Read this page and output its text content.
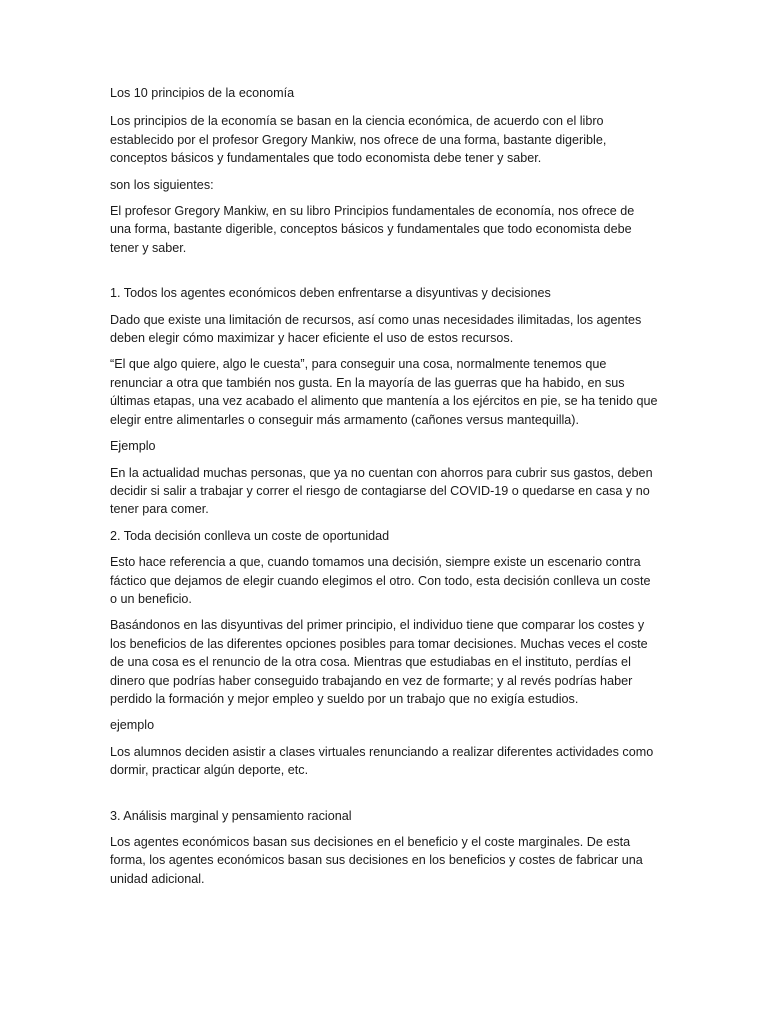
Los 10 principios de la economía

Los principios de la economía se basan en la ciencia económica, de acuerdo con el libro establecido por el profesor Gregory Mankiw, nos ofrece de una forma, bastante digerible, conceptos básicos y fundamentales que todo economista debe tener y saber.

son los siguientes:

El profesor Gregory Mankiw, en su libro Principios fundamentales de economía, nos ofrece de una forma, bastante digerible, conceptos básicos y fundamentales que todo economista debe tener y saber.

1. Todos los agentes económicos deben enfrentarse a disyuntivas y decisiones

Dado que existe una limitación de recursos, así como unas necesidades ilimitadas, los agentes deben elegir cómo maximizar y hacer eficiente el uso de estos recursos.

“El que algo quiere, algo le cuesta”, para conseguir una cosa, normalmente tenemos que renunciar a otra que también nos gusta. En la mayoría de las guerras que ha habido, en sus últimas etapas, una vez acabado el alimento que mantenía a los ejércitos en pie, se ha tenido que elegir entre alimentarles o conseguir más armamento (cañones versus mantequilla).

Ejemplo

En la actualidad muchas personas, que ya no cuentan con ahorros para cubrir sus gastos, deben decidir si salir a trabajar y correr el riesgo de contagiarse del COVID-19 o quedarse en casa y no tener para comer.

2. Toda decisión conlleva un coste de oportunidad

Esto hace referencia a que, cuando tomamos una decisión, siempre existe un escenario contra fáctico que dejamos de elegir cuando elegimos el otro. Con todo, esta decisión conlleva un coste o un beneficio.

Basándonos en las disyuntivas del primer principio, el individuo tiene que comparar los costes y los beneficios de las diferentes opciones posibles para tomar decisiones. Muchas veces el coste de una cosa es el renuncio de la otra cosa. Mientras que estudiabas en el instituto, perdías el dinero que podrías haber conseguido trabajando en vez de formarte; y al revés podrías haber perdido la formación y mejor empleo y sueldo por un trabajo que no exigía estudios.

ejemplo

Los alumnos deciden asistir a clases virtuales renunciando a realizar diferentes actividades como dormir, practicar algún deporte, etc.

3. Análisis marginal y pensamiento racional

Los agentes económicos basan sus decisiones en el beneficio y el coste marginales. De esta forma, los agentes económicos basan sus decisiones en los beneficios y costes de fabricar una unidad adicional.
